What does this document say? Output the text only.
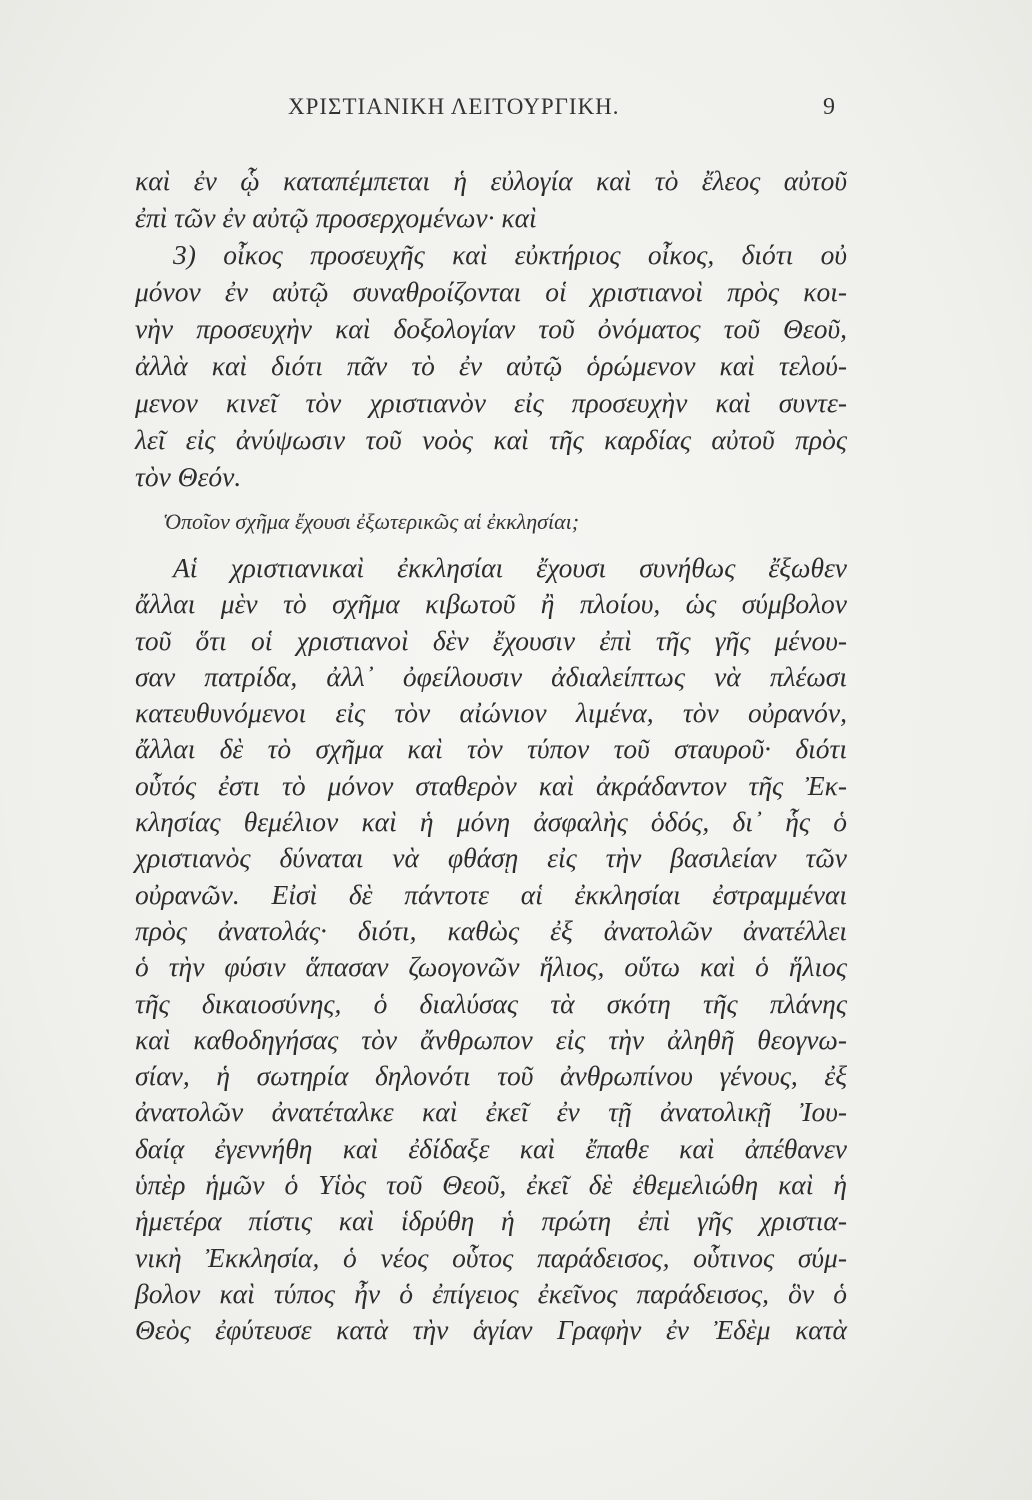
ΧΡΙΣΤΙΑΝΙΚΗ ΛΕΙΤΟΥΡΓΙΚΗ.	9
καὶ ἐν ᾧ καταπέμπεται ἡ εὐλογία καὶ τὸ ἔλεος αὐτοῦ
ἐπὶ τῶν ἐν αὐτῷ προσερχομένων· καὶ
3) οἶκος προσευχῆς καὶ εὐκτήριος οἶκος, διότι οὐ
μόνον ἐν αὐτῷ συναθροίζονται οἱ χριστιανοὶ πρὸς κοι-
νὴν προσευχὴν καὶ δοξολογίαν τοῦ ὀνόματος τοῦ Θεοῦ,
ἀλλὰ καὶ διότι πᾶν τὸ ἐν αὐτῷ ὁρώμενον καὶ τελού-
μενον κινεῖ τὸν χριστιανὸν εἰς προσευχὴν καὶ συντε-
λεῖ εἰς ἀνύψωσιν τοῦ νοὸς καὶ τῆς καρδίας αὐτοῦ πρὸς
τὸν Θεόν.
Ὁποῖον σχῆμα ἔχουσι ἐξωτερικῶς αἱ ἐκκλησίαι;
Αἱ χριστιανικαὶ ἐκκλησίαι ἔχουσι συνήθως ἔξωθεν
ἄλλαι μὲν τὸ σχῆμα κιβωτοῦ ἢ πλοίου, ὡς σύμβολον
τοῦ ὅτι οἱ χριστιανοὶ δὲν ἔχουσιν ἐπὶ τῆς γῆς μένου-
σαν πατρίδα, ἀλλ᾽ ὀφείλουσιν ἀδιαλείπτως νὰ πλέωσι
κατευθυνόμενοι εἰς τὸν αἰώνιον λιμένα, τὸν οὐρανόν,
ἄλλαι δὲ τὸ σχῆμα καὶ τὸν τύπον τοῦ σταυροῦ· διότι
οὗτός ἐστι τὸ μόνον σταθερὸν καὶ ἀκράδαντον τῆς Ἐκ-
κλησίας θεμέλιον καὶ ἡ μόνη ἀσφαλὴς ὁδός, δι᾽ ἧς ὁ
χριστιανὸς δύναται νὰ φθάσῃ εἰς τὴν βασιλείαν τῶν
οὐρανῶν. Εἰσὶ δὲ πάντοτε αἱ ἐκκλησίαι ἐστραμμέναι
πρὸς ἀνατολάς· διότι, καθὼς ἐξ ἀνατολῶν ἀνατέλλει
ὁ τὴν φύσιν ἅπασαν ζωογονῶν ἥλιος, οὕτω καὶ ὁ ἥλιος
τῆς δικαιοσύνης, ὁ διαλύσας τὰ σκότη τῆς πλάνης
καὶ καθοδηγήσας τὸν ἄνθρωπον εἰς τὴν ἀληθῆ θεογνω-
σίαν, ἡ σωτηρία δηλονότι τοῦ ἀνθρωπίνου γένους, ἐξ
ἀνατολῶν ἀνατέταλκε καὶ ἐκεῖ ἐν τῇ ἀνατολικῇ Ἰου-
δαίᾳ ἐγεννήθη καὶ ἐδίδαξε καὶ ἔπαθε καὶ ἀπέθανεν
ὑπὲρ ἡμῶν ὁ Υἱὸς τοῦ Θεοῦ, ἐκεῖ δὲ ἐθεμελιώθη καὶ ἡ
ἡμετέρα πίστις καὶ ἱδρύθη ἡ πρώτη ἐπὶ γῆς χριστια-
νικὴ Ἐκκλησία, ὁ νέος οὗτος παράδεισος, οὗτινος σύμ-
βολον καὶ τύπος ἦν ὁ ἐπίγειος ἐκεῖνος παράδεισος, ὃν ὁ
Θεὸς ἐφύτευσε κατὰ τὴν ἁγίαν Γραφὴν ἐν Ἐδὲμ κατὰ
